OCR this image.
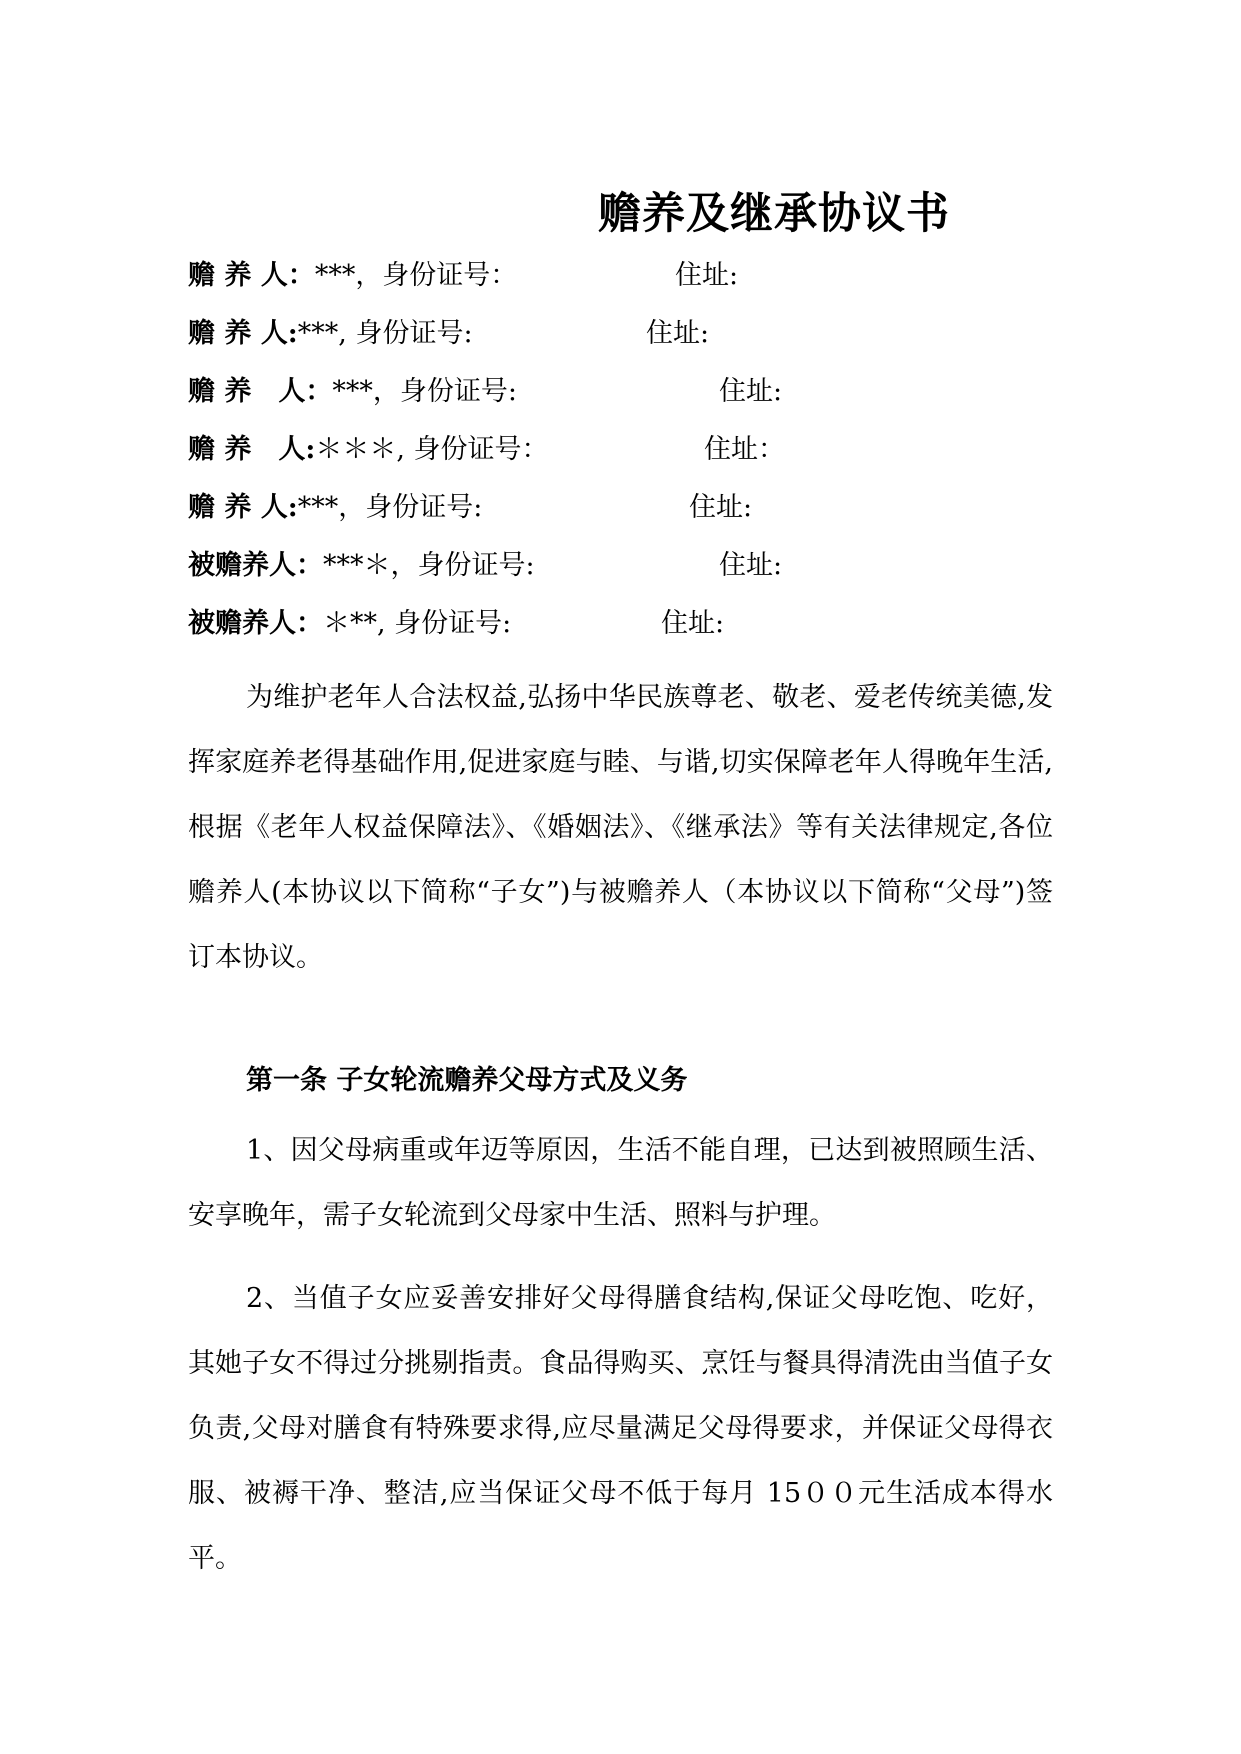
赡养及继承协议书
赡 养 人：***，身份证号：	住址:
赡 养 人:***, 身份证号:	住址:
赡 养　人：***，身份证号:	住址:
赡 养　人:＊＊＊, 身份证号：	住址：
赡 养 人:***，身份证号:	住址:
被赡养人：***＊，身份证号:	住址:
被赡养人：＊**, 身份证号:	住址:
为维护老年人合法权益,弘扬中华民族尊老、敬老、爱老传统美德,发挥家庭养老得基础作用,促进家庭与睦、与谐,切实保障老年人得晚年生活,根据《老年人权益保障法》、《婚姻法》、《继承法》等有关法律规定,各位赡养人(本协议以下简称“子女”)与被赡养人（本协议以下简称“父母”)签订本协议。
第一条 子女轮流赡养父母方式及义务
1、因父母病重或年迈等原因，生活不能自理，已达到被照顾生活、安享晚年，需子女轮流到父母家中生活、照料与护理。
2、当值子女应妥善安排好父母得膳食结构,保证父母吃饱、吃好，其她子女不得过分挑剔指责。食品得购买、烹饪与餐具得清洗由当值子女负责,父母对膳食有特殊要求得,应尽量满足父母得要求，并保证父母得衣服、被褥干净、整洁,应当保证父母不低于每月 15００元生活成本得水平。
